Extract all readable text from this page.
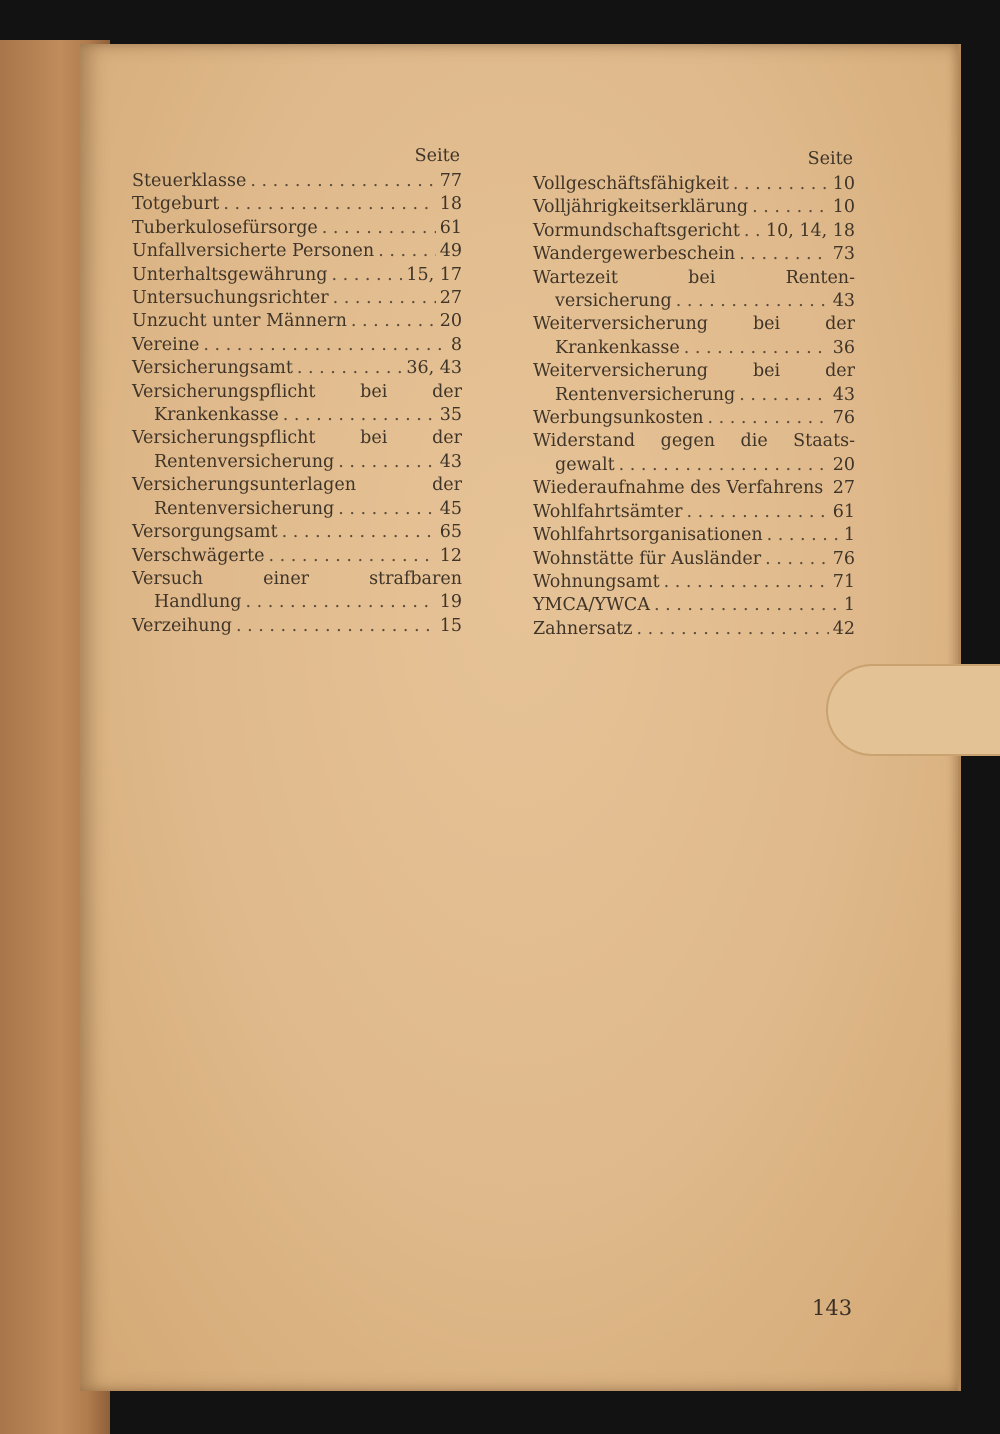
Seite
Steuerklasse . . .	77
Totgeburt . . .	18
Tuberkulosefürsorge . . .	61
Unfallversicherte Personen . . .	49
Unterhaltsgewährung . . .	15, 17
Untersuchungsrichter . . .	27
Unzucht unter Männern . . .	20
Vereine . . .	8
Versicherungsamt . . .	36, 43
Versicherungspflicht bei der
Krankenkasse . . .	35
Versicherungspflicht bei der
Rentenversicherung . . .	43
Versicherungsunterlagen der
Rentenversicherung . . .	45
Versorgungsamt . . .	65
Verschwägerte . . .	12
Versuch einer strafbaren
Handlung . . .	19
Verzeihung . . .	15
Seite
Vollgeschäftsfähigkeit . . .	10
Volljährigkeitserklärung . . .	10
Vormundschaftsgericht . . . 10, 14, 18
Wandergewerbeschein . . .	73
Wartezeit bei Renten-
versicherung . . .	43
Weiterversicherung bei der
Krankenkasse . . .	36
Weiterversicherung bei der
Rentenversicherung . . .	43
Werbungsunkosten . . .	76
Widerstand gegen die Staats-
gewalt . . .	20
Wiederaufnahme des Verfahrens . . . 27
Wohlfahrtsämter . . .	61
Wohlfahrtsorganisationen . . .	1
Wohnstätte für Ausländer . . .	76
Wohnungsamt . . .	71
YMCA/YWCA . . .	1
Zahnersatz . . .	42
143
